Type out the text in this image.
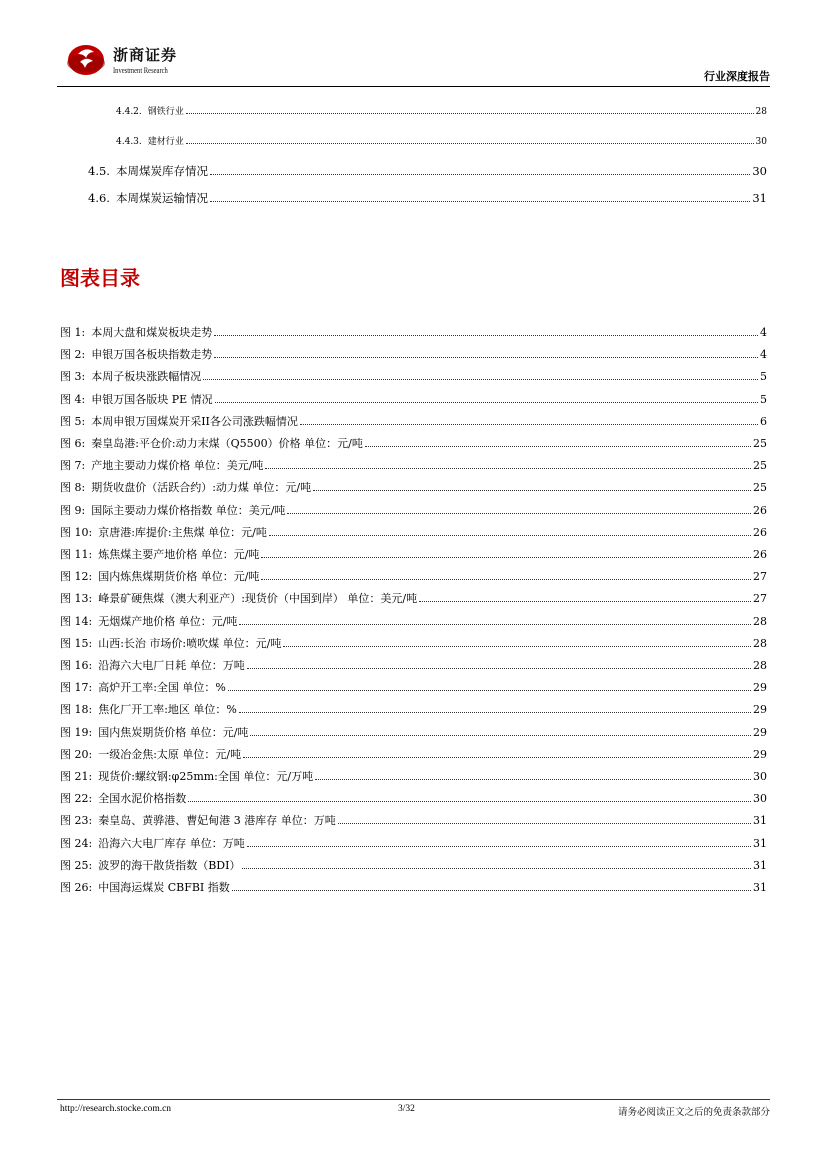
浙商证券
Investment Research	行业深度报告
4.4.2. 钢铁行业	28
4.4.3. 建材行业	30
4.5. 本周煤炭库存情况	30
4.6. 本周煤炭运输情况	31
图表目录
图 1: 本周大盘和煤炭板块走势	4
图 2: 申银万国各板块指数走势	4
图 3: 本周子板块涨跌幅情况	5
图 4: 申银万国各版块 PE 情况	5
图 5: 本周申银万国煤炭开采II各公司涨跌幅情况	6
图 6: 秦皇岛港:平仓价:动力末煤（Q5500）价格 单位：元/吨	25
图 7: 产地主要动力煤价格 单位：美元/吨	25
图 8: 期货收盘价（活跃合约）:动力煤 单位：元/吨	25
图 9: 国际主要动力煤价格指数 单位：美元/吨	26
图 10: 京唐港:库提价:主焦煤 单位：元/吨	26
图 11: 炼焦煤主要产地价格 单位：元/吨	26
图 12: 国内炼焦煤期货价格 单位：元/吨	27
图 13: 峰景矿硬焦煤（澳大利亚产）:现货价（中国到岸） 单位：美元/吨	27
图 14: 无烟煤产地价格 单位：元/吨	28
图 15: 山西:长治 市场价:喷吹煤 单位：元/吨	28
图 16: 沿海六大电厂日耗 单位：万吨	28
图 17: 高炉开工率:全国 单位：%	29
图 18: 焦化厂开工率:地区 单位：%	29
图 19: 国内焦炭期货价格 单位：元/吨	29
图 20: 一级冶金焦:太原 单位：元/吨	29
图 21: 现货价:螺纹钢:φ25mm:全国 单位：元/万吨	30
图 22: 全国水泥价格指数	30
图 23: 秦皇岛、黄骅港、曹妃甸港 3 港库存 单位：万吨	31
图 24: 沿海六大电厂库存 单位：万吨	31
图 25: 波罗的海干散货指数（BDI）	31
图 26: 中国海运煤炭 CBFBI 指数	31
http://research.stocke.com.cn	3/32	请务必阅读正文之后的免责条款部分
